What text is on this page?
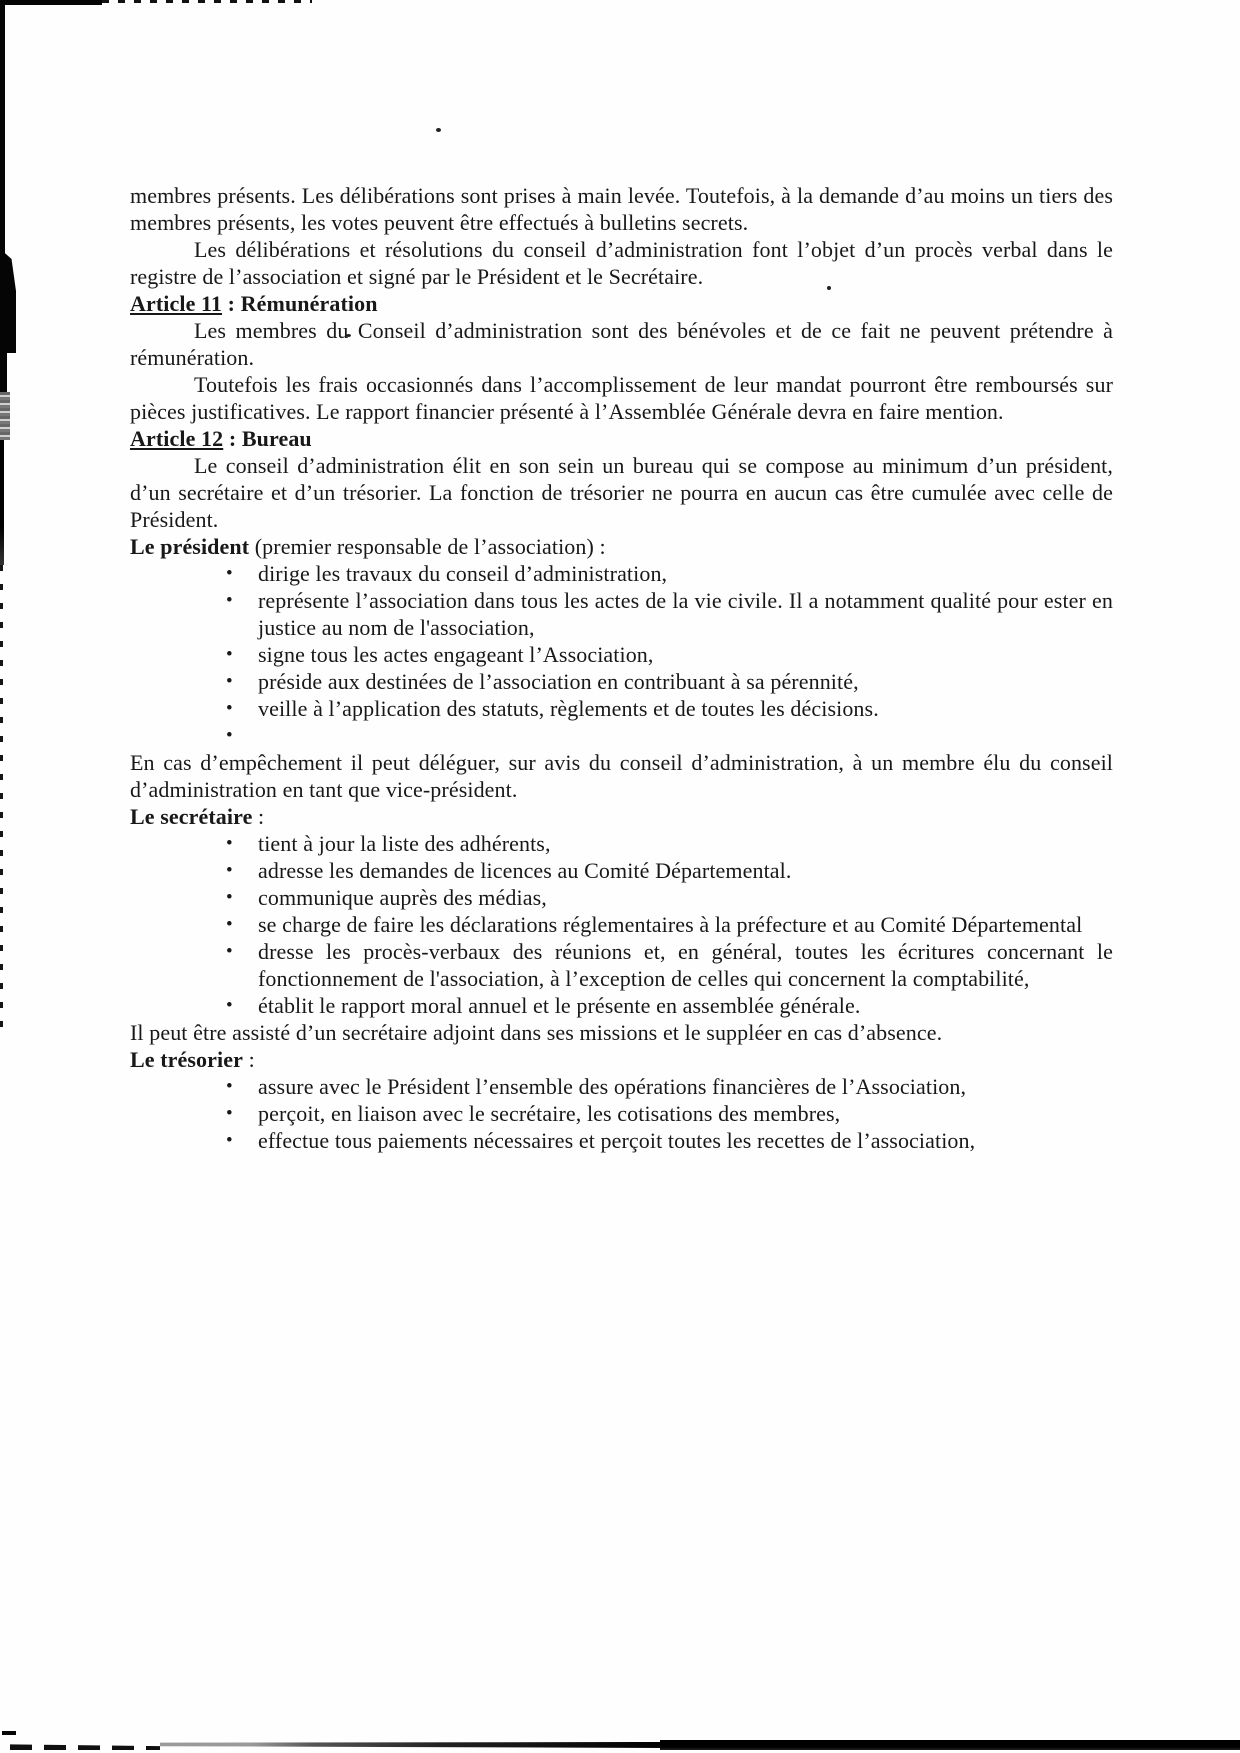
membres présents. Les délibérations sont prises à main levée. Toutefois, à la demande d’au moins un tiers des membres présents, les votes peuvent être effectués à bulletins secrets.

Les délibérations et résolutions du conseil d’administration font l’objet d’un procès verbal dans le registre de l’association et signé par le Président et le Secrétaire.

Article 11 : Rémunération

Les membres du Conseil d’administration sont des bénévoles et de ce fait ne peuvent prétendre à rémunération.

Toutefois les frais occasionnés dans l’accomplissement de leur mandat pourront être remboursés sur pièces justificatives. Le rapport financier présenté à l’Assemblée Générale devra en faire mention.

Article 12 : Bureau

Le conseil d’administration élit en son sein un bureau qui se compose au minimum d’un président, d’un secrétaire et d’un trésorier. La fonction de trésorier ne pourra en aucun cas être cumulée avec celle de Président.

Le président (premier responsable de l’association) :

•	dirige les travaux du conseil d’administration,
•	représente l’association dans tous les actes de la vie civile. Il a notamment qualité pour ester en justice au nom de l'association,
•	signe tous les actes engageant l’Association,
•	préside aux destinées de l’association en contribuant à sa pérennité,
•	veille à l’application des statuts, règlements et de toutes les décisions.
•

En cas d’empêchement il peut déléguer, sur avis du conseil d’administration, à un membre élu du conseil d’administration en tant que vice-président.

Le secrétaire :

•	tient à jour la liste des adhérents,
•	adresse les demandes de licences au Comité Départemental.
•	communique auprès des médias,
•	se charge de faire les déclarations réglementaires à la préfecture et au Comité Départemental
•	dresse les procès-verbaux des réunions et, en général, toutes les écritures concernant le fonctionnement de l'association, à l’exception de celles qui concernent la comptabilité,
•	établit le rapport moral annuel et le présente en assemblée générale.

Il peut être assisté d’un secrétaire adjoint dans ses missions et le suppléer en cas d’absence.

Le trésorier :

•	assure avec le Président l’ensemble des opérations financières de l’Association,
•	perçoit, en liaison avec le secrétaire, les cotisations des membres,
•	effectue tous paiements nécessaires et perçoit toutes les recettes de l’association,
